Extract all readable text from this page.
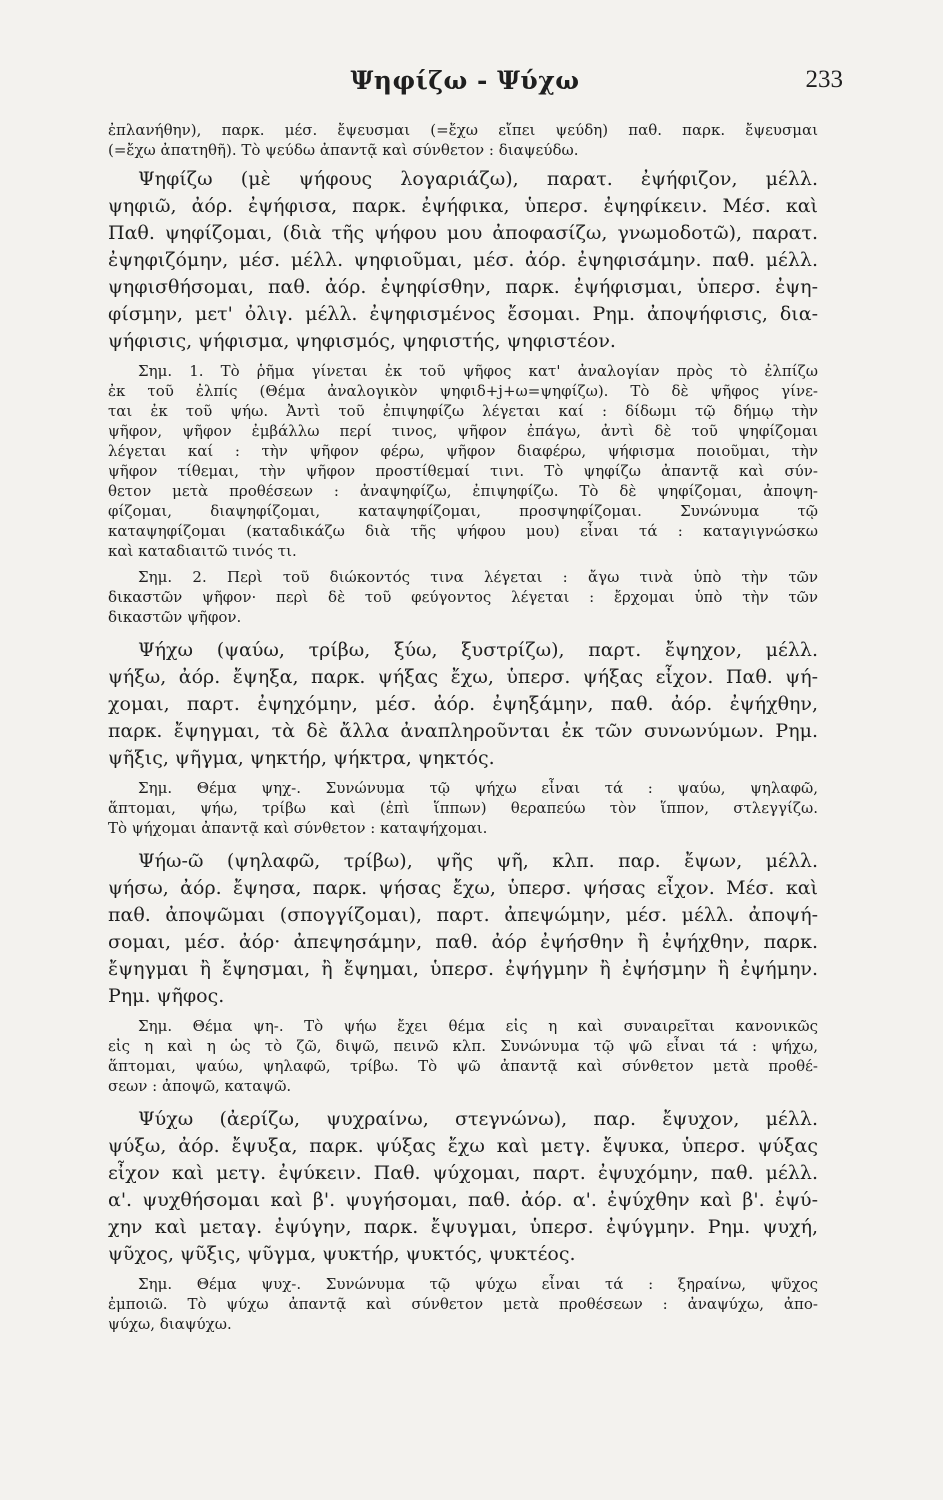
Ψηφίζω - Ψύχω	233
ἐπλανήθην), παρκ. μέσ. ἔψευσμαι (=ἔχω εἴπει ψεύδη) παθ. παρκ. ἔψευσμαι
(=ἔχω ἀπατηθῆ). Τὸ ψεύδω ἀπαντᾷ καὶ σύνθετον : διαψεύδω.
Ψηφίζω (μὲ ψήφους λογαριάζω), παρατ. ἐψήφιζον, μέλλ.
ψηφιῶ, ἀόρ. ἐψήφισα, παρκ. ἐψήφικα, ὑπερσ. ἐψηφίκειν. Μέσ. καὶ
Παθ. ψηφίζομαι, (διὰ τῆς ψήφου μου ἀποφασίζω, γνωμοδοτῶ), παρατ.
ἐψηφιζόμην, μέσ. μέλλ. ψηφιοῦμαι, μέσ. ἀόρ. ἐψηφισάμην. παθ. μέλλ.
ψηφισθήσομαι, παθ. ἀόρ. ἐψηφίσθην, παρκ. ἐψήφισμαι, ὑπερσ. ἐψη-
φίσμην, μετ' ὀλιγ. μέλλ. ἐψηφισμένος ἔσομαι. Ρημ. ἀποψήφισις, δια-
ψήφισις, ψήφισμα, ψηφισμός, ψηφιστής, ψηφιστέον.
Σημ. 1. Τὸ ῥῆμα γίνεται ἐκ τοῦ ψῆφος κατ' ἀναλογίαν πρὸς τὸ ἐλπίζω
ἐκ τοῦ ἐλπίς (Θέμα ἀναλογικὸν ψηφιδ+j+ω=ψηφίζω). Τὸ δὲ ψῆφος γίνε-
ται ἐκ τοῦ ψήω. Ἀντὶ τοῦ ἐπιψηφίζω λέγεται καί : δίδωμι τῷ δήμῳ τὴν
ψῆφον, ψῆφον ἐμβάλλω περί τινος, ψῆφον ἐπάγω, ἀντὶ δὲ τοῦ ψηφίζομαι
λέγεται καί : τὴν ψῆφον φέρω, ψῆφον διαφέρω, ψήφισμα ποιοῦμαι, τὴν
ψῆφον τίθεμαι, τὴν ψῆφον προστίθεμαί τινι. Τὸ ψηφίζω ἀπαντᾷ καὶ σύν-
θετον μετὰ προθέσεων : ἀναψηφίζω, ἐπιψηφίζω. Τὸ δὲ ψηφίζομαι, ἀποψη-
φίζομαι, διαψηφίζομαι, καταψηφίζομαι, προσψηφίζομαι. Συνώνυμα τῷ
καταψηφίζομαι (καταδικάζω διὰ τῆς ψήφου μου) εἶναι τά : καταγιγνώσκω
καὶ καταδιαιτῶ τινός τι.
Σημ. 2. Περὶ τοῦ διώκοντός τινα λέγεται : ἄγω τινὰ ὑπὸ τὴν τῶν
δικαστῶν ψῆφον· περὶ δὲ τοῦ φεύγοντος λέγεται : ἔρχομαι ὑπὸ τὴν τῶν
δικαστῶν ψῆφον.
Ψήχω (ψαύω, τρίβω, ξύω, ξυστρίζω), παρτ. ἔψηχον, μέλλ.
ψήξω, ἀόρ. ἔψηξα, παρκ. ψήξας ἔχω, ὑπερσ. ψήξας εἶχον. Παθ. ψή-
χομαι, παρτ. ἐψηχόμην, μέσ. ἀόρ. ἐψηξάμην, παθ. ἀόρ. ἐψήχθην,
παρκ. ἔψηγμαι, τὰ δὲ ἄλλα ἀναπληροῦνται ἐκ τῶν συνωνύμων. Ρημ.
ψῆξις, ψῆγμα, ψηκτήρ, ψήκτρα, ψηκτός.
Σημ. Θέμα ψηχ-. Συνώνυμα τῷ ψήχω εἶναι τά : ψαύω, ψηλαφῶ,
ἅπτομαι, ψήω, τρίβω καὶ (ἐπὶ ἵππων) θεραπεύω τὸν ἵππον, στλεγγίζω.
Τὸ ψήχομαι ἀπαντᾷ καὶ σύνθετον : καταψήχομαι.
Ψήω-ῶ (ψηλαφῶ, τρίβω), ψῆς ψῆ, κλπ. παρ. ἔψων, μέλλ.
ψήσω, ἀόρ. ἔψησα, παρκ. ψήσας ἔχω, ὑπερσ. ψήσας εἶχον. Μέσ. καὶ
παθ. ἀποψῶμαι (σπογγίζομαι), παρτ. ἀπεψώμην, μέσ. μέλλ. ἀποψή-
σομαι, μέσ. ἀόρ· ἀπεψησάμην, παθ. ἀόρ ἐψήσθην ἢ ἐψήχθην, παρκ.
ἔψηγμαι ἢ ἔψησμαι, ἢ ἔψημαι, ὑπερσ. ἐψήγμην ἢ ἐψήσμην ἢ ἐψήμην.
Ρημ. ψῆφος.
Σημ. Θέμα ψη-. Τὸ ψήω ἔχει θέμα εἰς η καὶ συναιρεῖται κανονικῶς
εἰς η καὶ η ὡς τὸ ζῶ, διψῶ, πεινῶ κλπ. Συνώνυμα τῷ ψῶ εἶναι τά : ψήχω,
ἅπτομαι, ψαύω, ψηλαφῶ, τρίβω. Τὸ ψῶ ἀπαντᾷ καὶ σύνθετον μετὰ προθέ-
σεων : ἀποψῶ, καταψῶ.
Ψύχω (ἀερίζω, ψυχραίνω, στεγνώνω), παρ. ἔψυχον, μέλλ.
ψύξω, ἀόρ. ἔψυξα, παρκ. ψύξας ἔχω καὶ μετγ. ἔψυκα, ὑπερσ. ψύξας
εἶχον καὶ μετγ. ἐψύκειν. Παθ. ψύχομαι, παρτ. ἐψυχόμην, παθ. μέλλ.
α'. ψυχθήσομαι καὶ β'. ψυγήσομαι, παθ. ἀόρ. α'. ἐψύχθην καὶ β'. ἐψύ-
χην καὶ μεταγ. ἐψύγην, παρκ. ἔψυγμαι, ὑπερσ. ἐψύγμην. Ρημ. ψυχή,
ψῦχος, ψῦξις, ψῦγμα, ψυκτήρ, ψυκτός, ψυκτέος.
Σημ. Θέμα ψυχ-. Συνώνυμα τῷ ψύχω εἶναι τά : ξηραίνω, ψῦχος
ἐμποιῶ. Τὸ ψύχω ἀπαντᾷ καὶ σύνθετον μετὰ προθέσεων : ἀναψύχω, ἀπο-
ψύχω, διαψύχω.
